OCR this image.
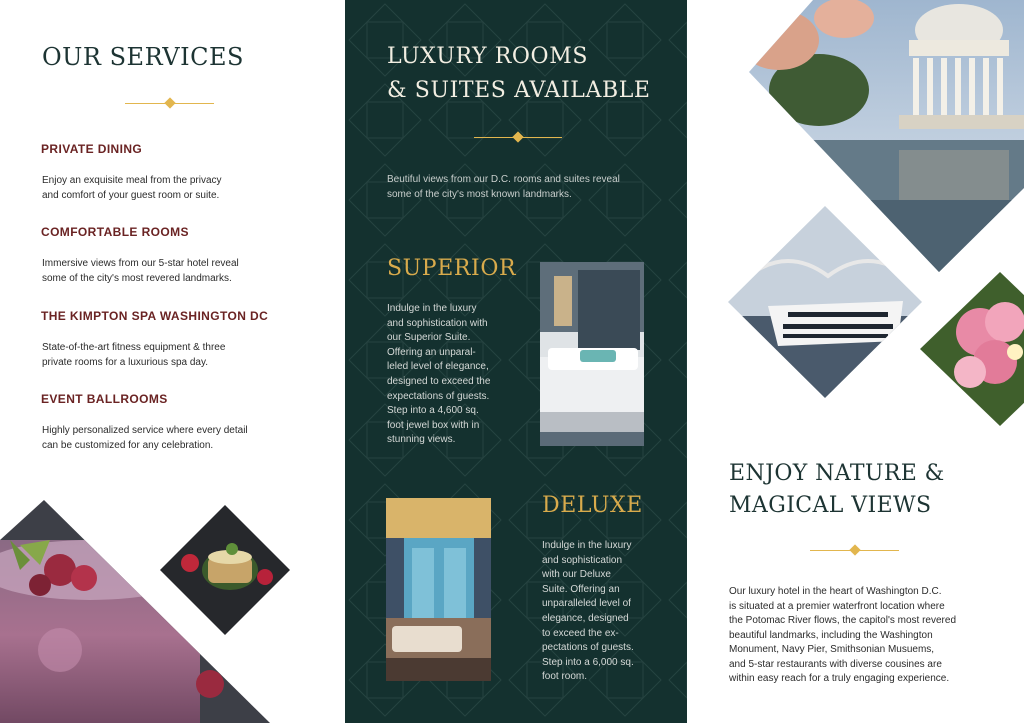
OUR SERVICES
PRIVATE DINING
Enjoy an exquisite meal from the privacy
and comfort of your guest room or suite.
COMFORTABLE ROOMS
Immersive views from our 5-star hotel reveal
some of the city's most revered landmarks.
THE KIMPTON SPA WASHINGTON DC
State-of-the-art fitness equipment & three
private rooms for a luxurious spa day.
EVENT BALLROOMS
Highly personalized service where every detail
can be customized for any celebration.
LUXURY ROOMS
& SUITES AVAILABLE
Beutiful views from our D.C. rooms and suites reveal
some of the city's most known landmarks.
SUPERIOR
Indulge in the luxury
and sophistication with
our Superior Suite.
Offering an unparal-
leled level of elegance,
designed to exceed the
expectations of guests.
Step into a 4,600 sq.
foot jewel box with in
stunning views.
DELUXE
Indulge in the luxury
and sophistication
with our Deluxe
Suite. Offering an
unparalleled level of
elegance, designed
to exceed the ex-
pectations of guests.
Step into a 6,000 sq.
foot room.
ENJOY NATURE &
MAGICAL VIEWS
Our luxury hotel in the heart of Washington D.C.
is situated at a premier waterfront location where
the Potomac River flows, the capitol's most revered
beautiful landmarks, including the Washington
Monument, Navy Pier, Smithsonian Musuems,
and 5-star restaurants with diverse cousines are
within easy reach for a truly engaging experience.
